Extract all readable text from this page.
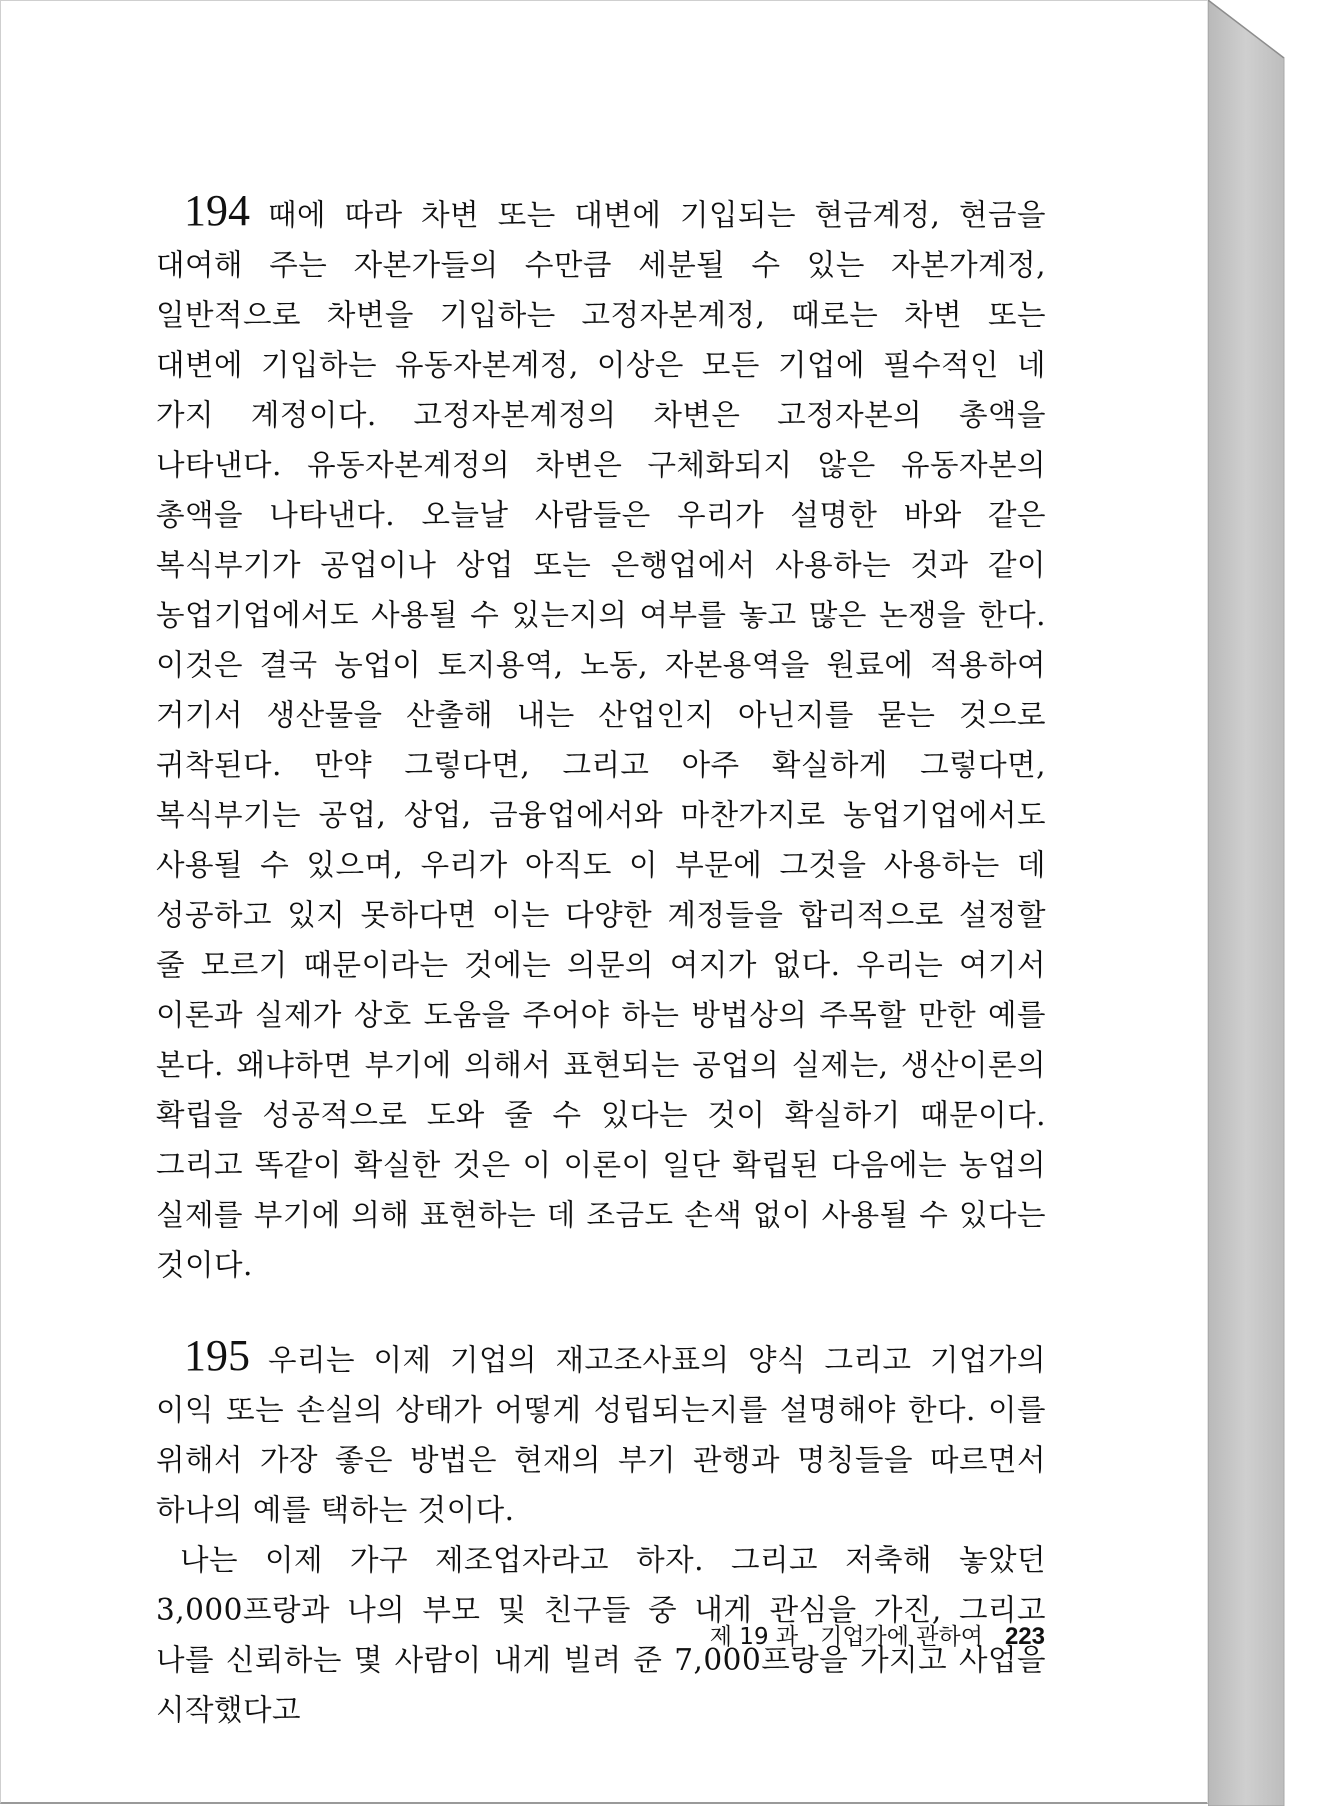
194 때에 따라 차변 또는 대변에 기입되는 현금계정, 현금을 대여해 주는 자본가들의 수만큼 세분될 수 있는 자본가계정, 일반적으로 차변을 기입하는 고정자본계정, 때로는 차변 또는 대변에 기입하는 유동자본계정, 이상은 모든 기업에 필수적인 네 가지 계정이다. 고정자본계정의 차변은 고정자본의 총액을 나타낸다. 유동자본계정의 차변은 구체화되지 않은 유동자본의 총액을 나타낸다. 오늘날 사람들은 우리가 설명한 바와 같은 복식부기가 공업이나 상업 또는 은행업에서 사용하는 것과 같이 농업기업에서도 사용될 수 있는지의 여부를 놓고 많은 논쟁을 한다. 이것은 결국 농업이 토지용역, 노동, 자본용역을 원료에 적용하여 거기서 생산물을 산출해 내는 산업인지 아닌지를 묻는 것으로 귀착된다. 만약 그렇다면, 그리고 아주 확실하게 그렇다면, 복식부기는 공업, 상업, 금융업에서와 마찬가지로 농업기업에서도 사용될 수 있으며, 우리가 아직도 이 부문에 그것을 사용하는 데 성공하고 있지 못하다면 이는 다양한 계정들을 합리적으로 설정할 줄 모르기 때문이라는 것에는 의문의 여지가 없다. 우리는 여기서 이론과 실제가 상호 도움을 주어야 하는 방법상의 주목할 만한 예를 본다. 왜냐하면 부기에 의해서 표현되는 공업의 실제는, 생산이론의 확립을 성공적으로 도와 줄 수 있다는 것이 확실하기 때문이다. 그리고 똑같이 확실한 것은 이 이론이 일단 확립된 다음에는 농업의 실제를 부기에 의해 표현하는 데 조금도 손색 없이 사용될 수 있다는 것이다.

195 우리는 이제 기업의 재고조사표의 양식 그리고 기업가의 이익 또는 손실의 상태가 어떻게 성립되는지를 설명해야 한다. 이를 위해서 가장 좋은 방법은 현재의 부기 관행과 명칭들을 따르면서 하나의 예를 택하는 것이다.

나는 이제 가구 제조업자라고 하자. 그리고 저축해 놓았던 3,000프랑과 나의 부모 및 친구들 중 내게 관심을 가진, 그리고 나를 신뢰하는 몇 사람이 내게 빌려 준 7,000프랑을 가지고 사업을 시작했다고

제 19 과 기업가에 관하여 223
